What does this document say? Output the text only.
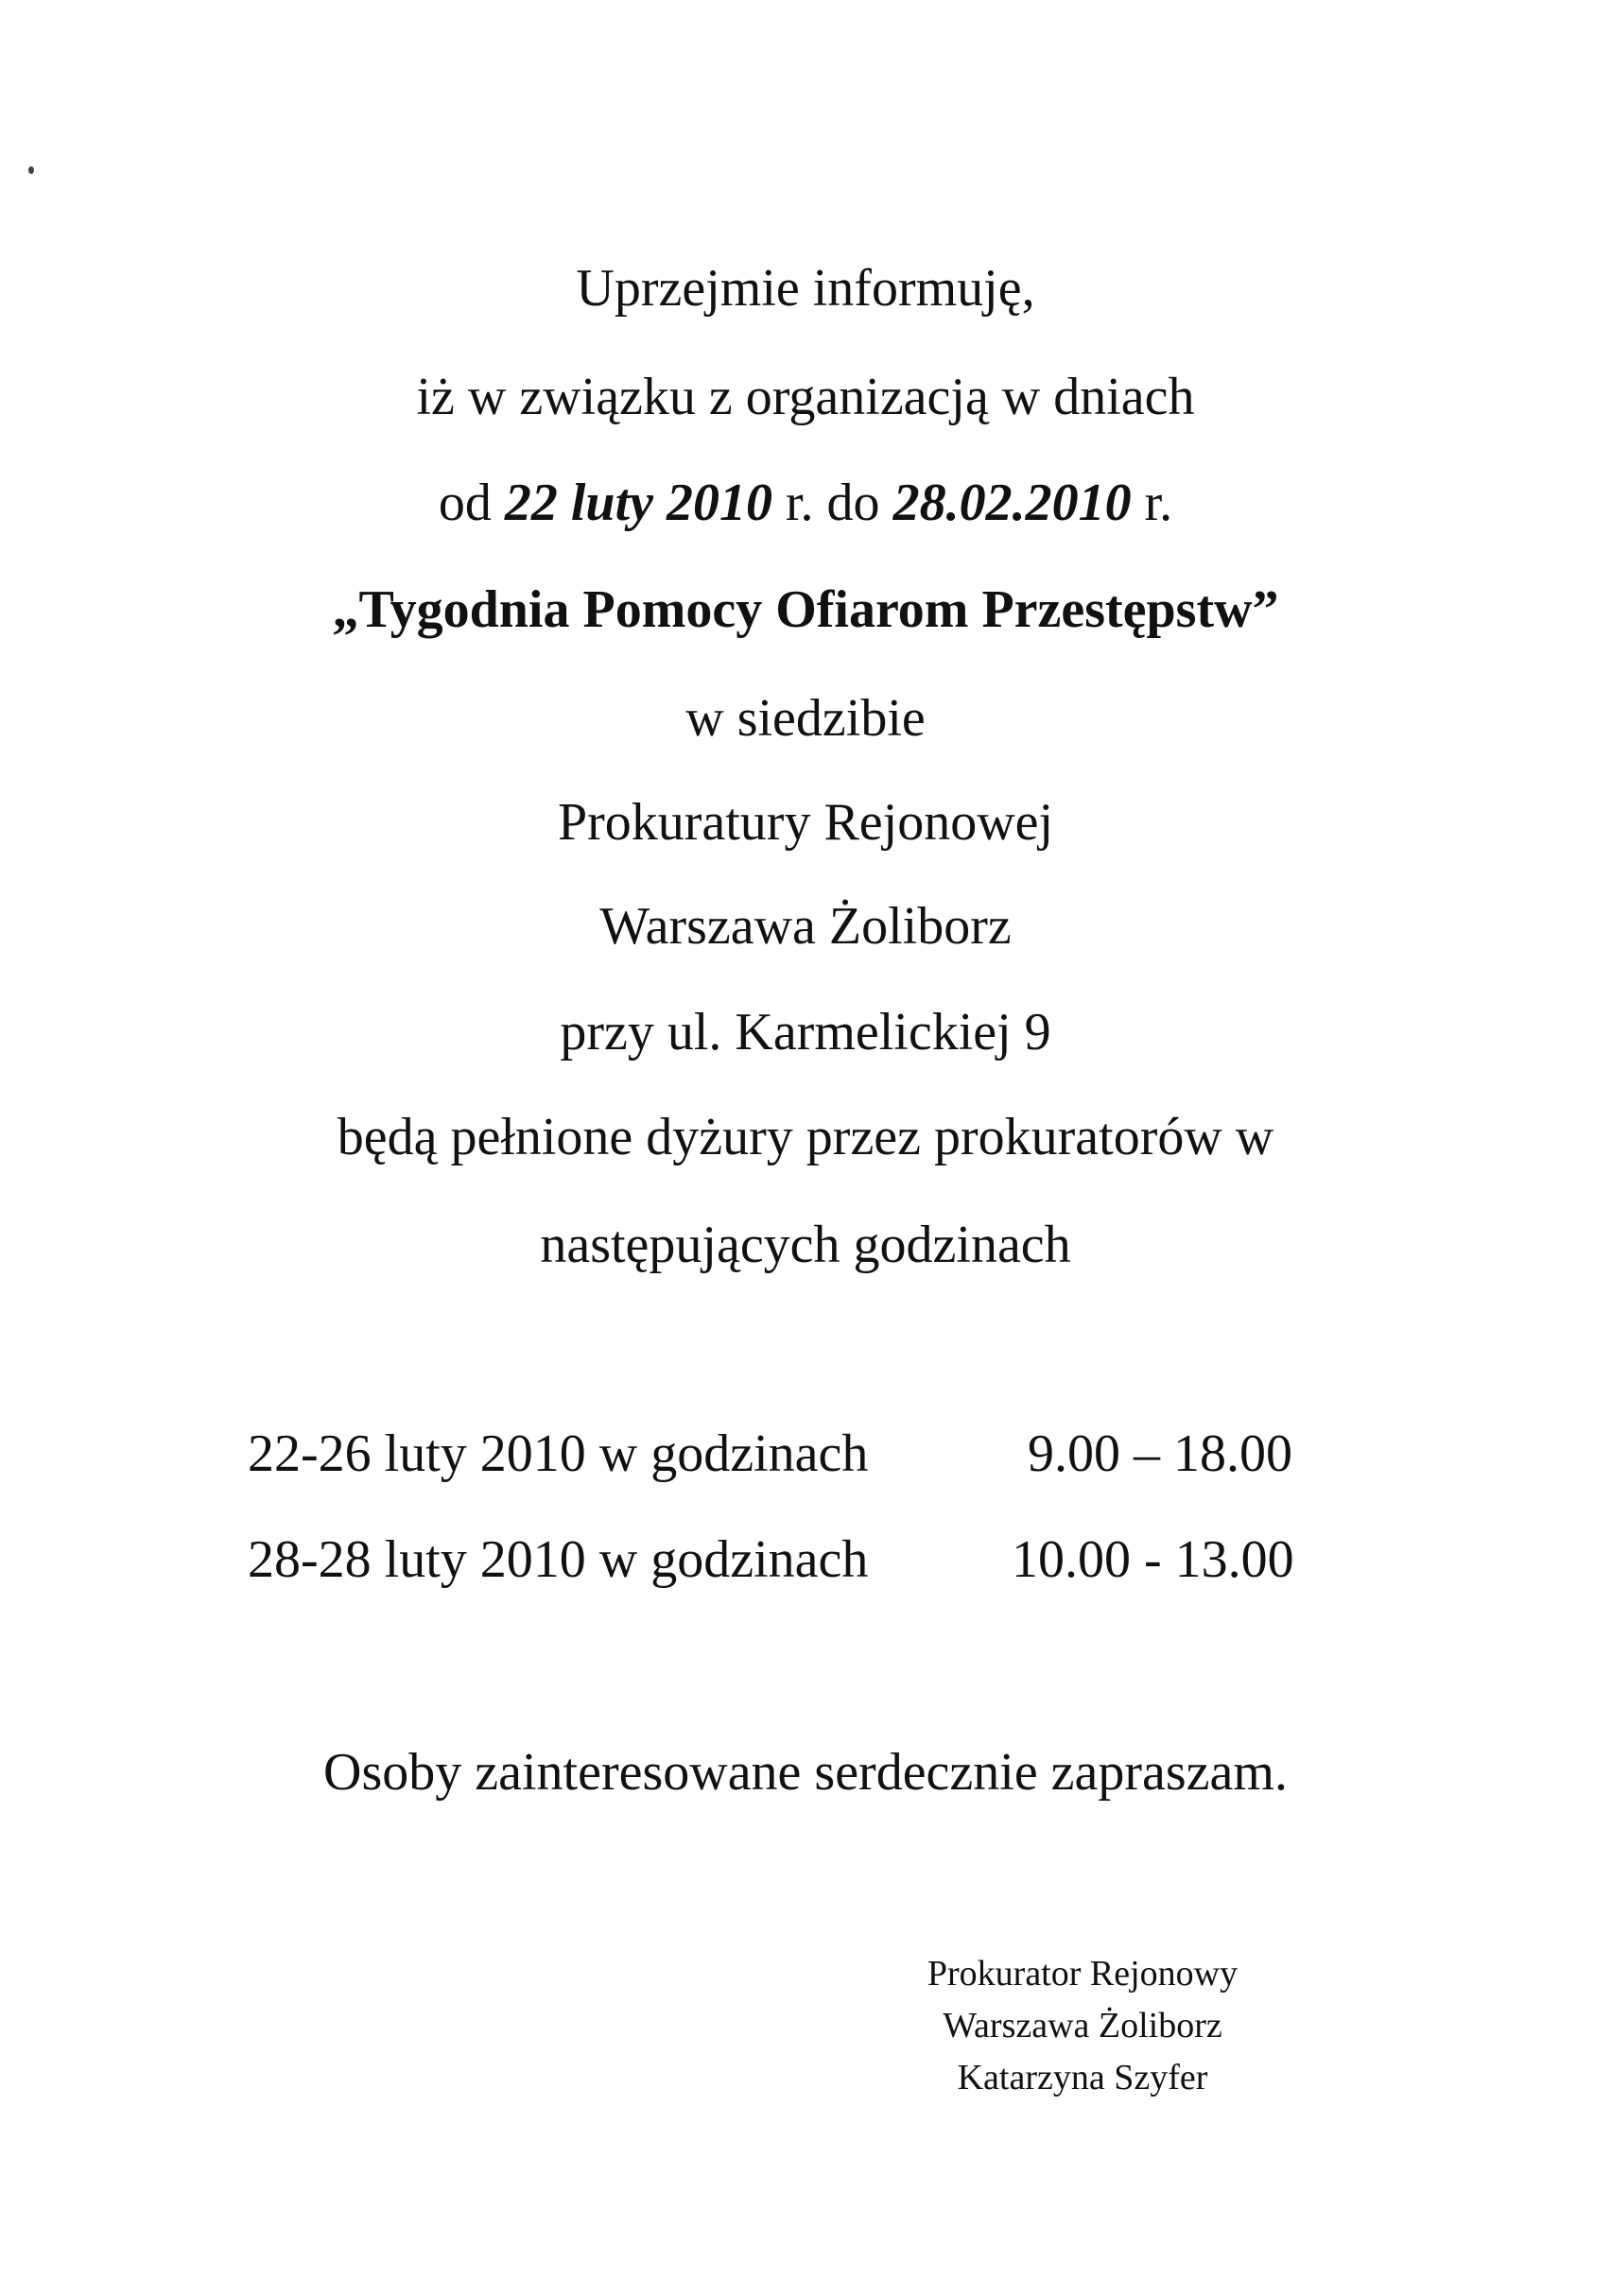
Uprzejmie informuję,
iż w związku z organizacją w dniach
od 22 luty 2010 r. do 28.02.2010 r.
„Tygodnia Pomocy Ofiarom Przestępstw”
w siedzibie
Prokuratury Rejonowej
Warszawa Żoliborz
przy ul. Karmelickiej 9
będą pełnione dyżury przez prokuratorów w
następujących godzinach
22-26 luty 2010 w godzinach	9.00 – 18.00
28-28 luty 2010 w godzinach	10.00 - 13.00
Osoby zainteresowane serdecznie zapraszam.
Prokurator Rejonowy
Warszawa Żoliborz
Katarzyna Szyfer
